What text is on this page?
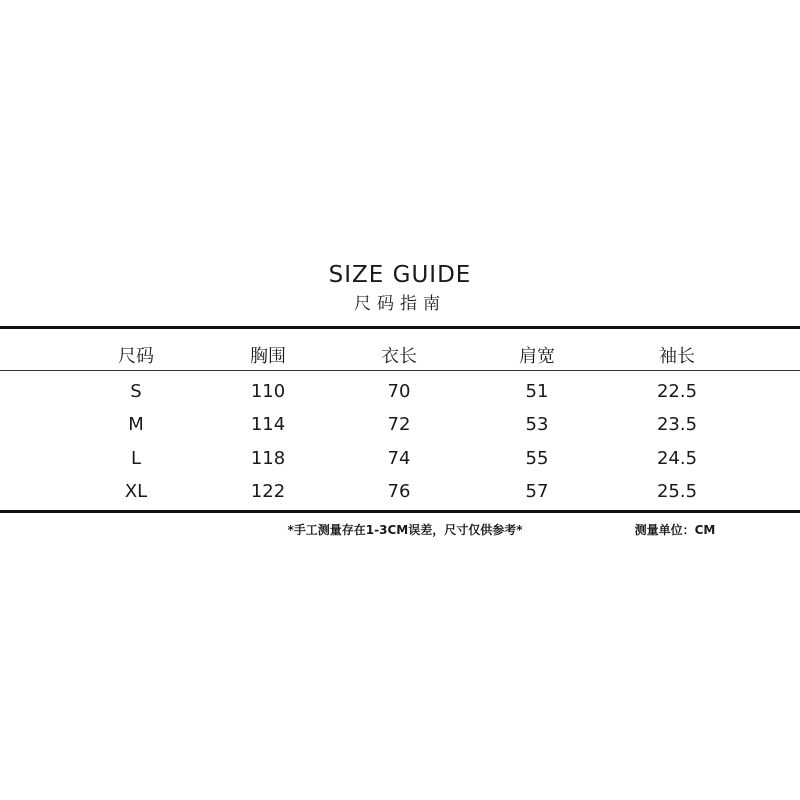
SIZE GUIDE
尺码指南
尺码	胸围	衣长	肩宽	袖长
S	110	70	51	22.5
M	114	72	53	23.5
L	118	74	55	24.5
XL	122	76	57	25.5
*手工测量存在1-3CM误差，尺寸仅供参考*	测量单位：CM
